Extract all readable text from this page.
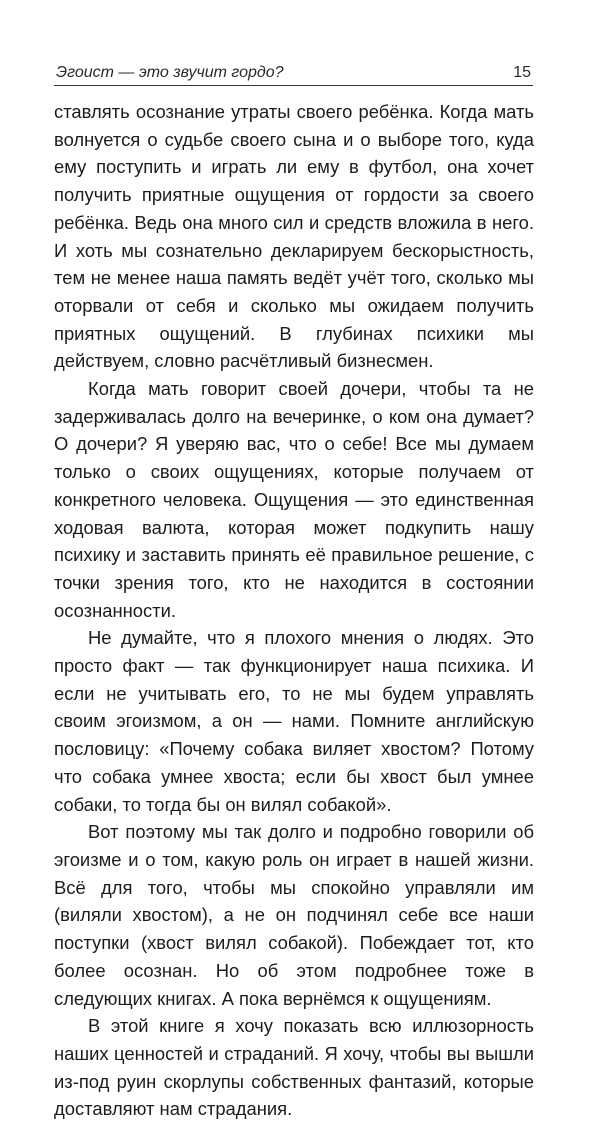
Эгоист — это звучит гордо?	15

ставлять осознание утраты своего ребёнка. Когда мать волнуется о судьбе своего сына и о выборе того, куда ему поступить и играть ли ему в футбол, она хочет получить приятные ощущения от гордости за своего ребёнка. Ведь она много сил и средств вложила в него. И хоть мы сознательно декларируем бескорыстность, тем не менее наша память ведёт учёт того, сколько мы оторвали от себя и сколько мы ожидаем получить приятных ощущений. В глубинах психики мы действуем, словно расчётливый бизнесмен.

Когда мать говорит своей дочери, чтобы та не задерживалась долго на вечеринке, о ком она думает? О дочери? Я уверяю вас, что о себе! Все мы думаем только о своих ощущениях, которые получаем от конкретного человека. Ощущения — это единственная ходовая валюта, которая может подкупить нашу психику и заставить принять её правильное решение, с точки зрения того, кто не находится в состоянии осознанности.

Не думайте, что я плохого мнения о людях. Это просто факт — так функционирует наша психика. И если не учитывать его, то не мы будем управлять своим эгоизмом, а он — нами. Помните английскую пословицу: «Почему собака виляет хвостом? Потому что собака умнее хвоста; если бы хвост был умнее собаки, то тогда бы он вилял собакой».

Вот поэтому мы так долго и подробно говорили об эгоизме и о том, какую роль он играет в нашей жизни. Всё для того, чтобы мы спокойно управляли им (виляли хвостом), а не он подчинял себе все наши поступки (хвост вилял собакой). Побеждает тот, кто более осознан. Но об этом подробнее тоже в следующих книгах. А пока вернёмся к ощущениям.

В этой книге я хочу показать всю иллюзорность наших ценностей и страданий. Я хочу, чтобы вы вышли из-под руин скорлупы собственных фантазий, которые доставляют нам страдания.
